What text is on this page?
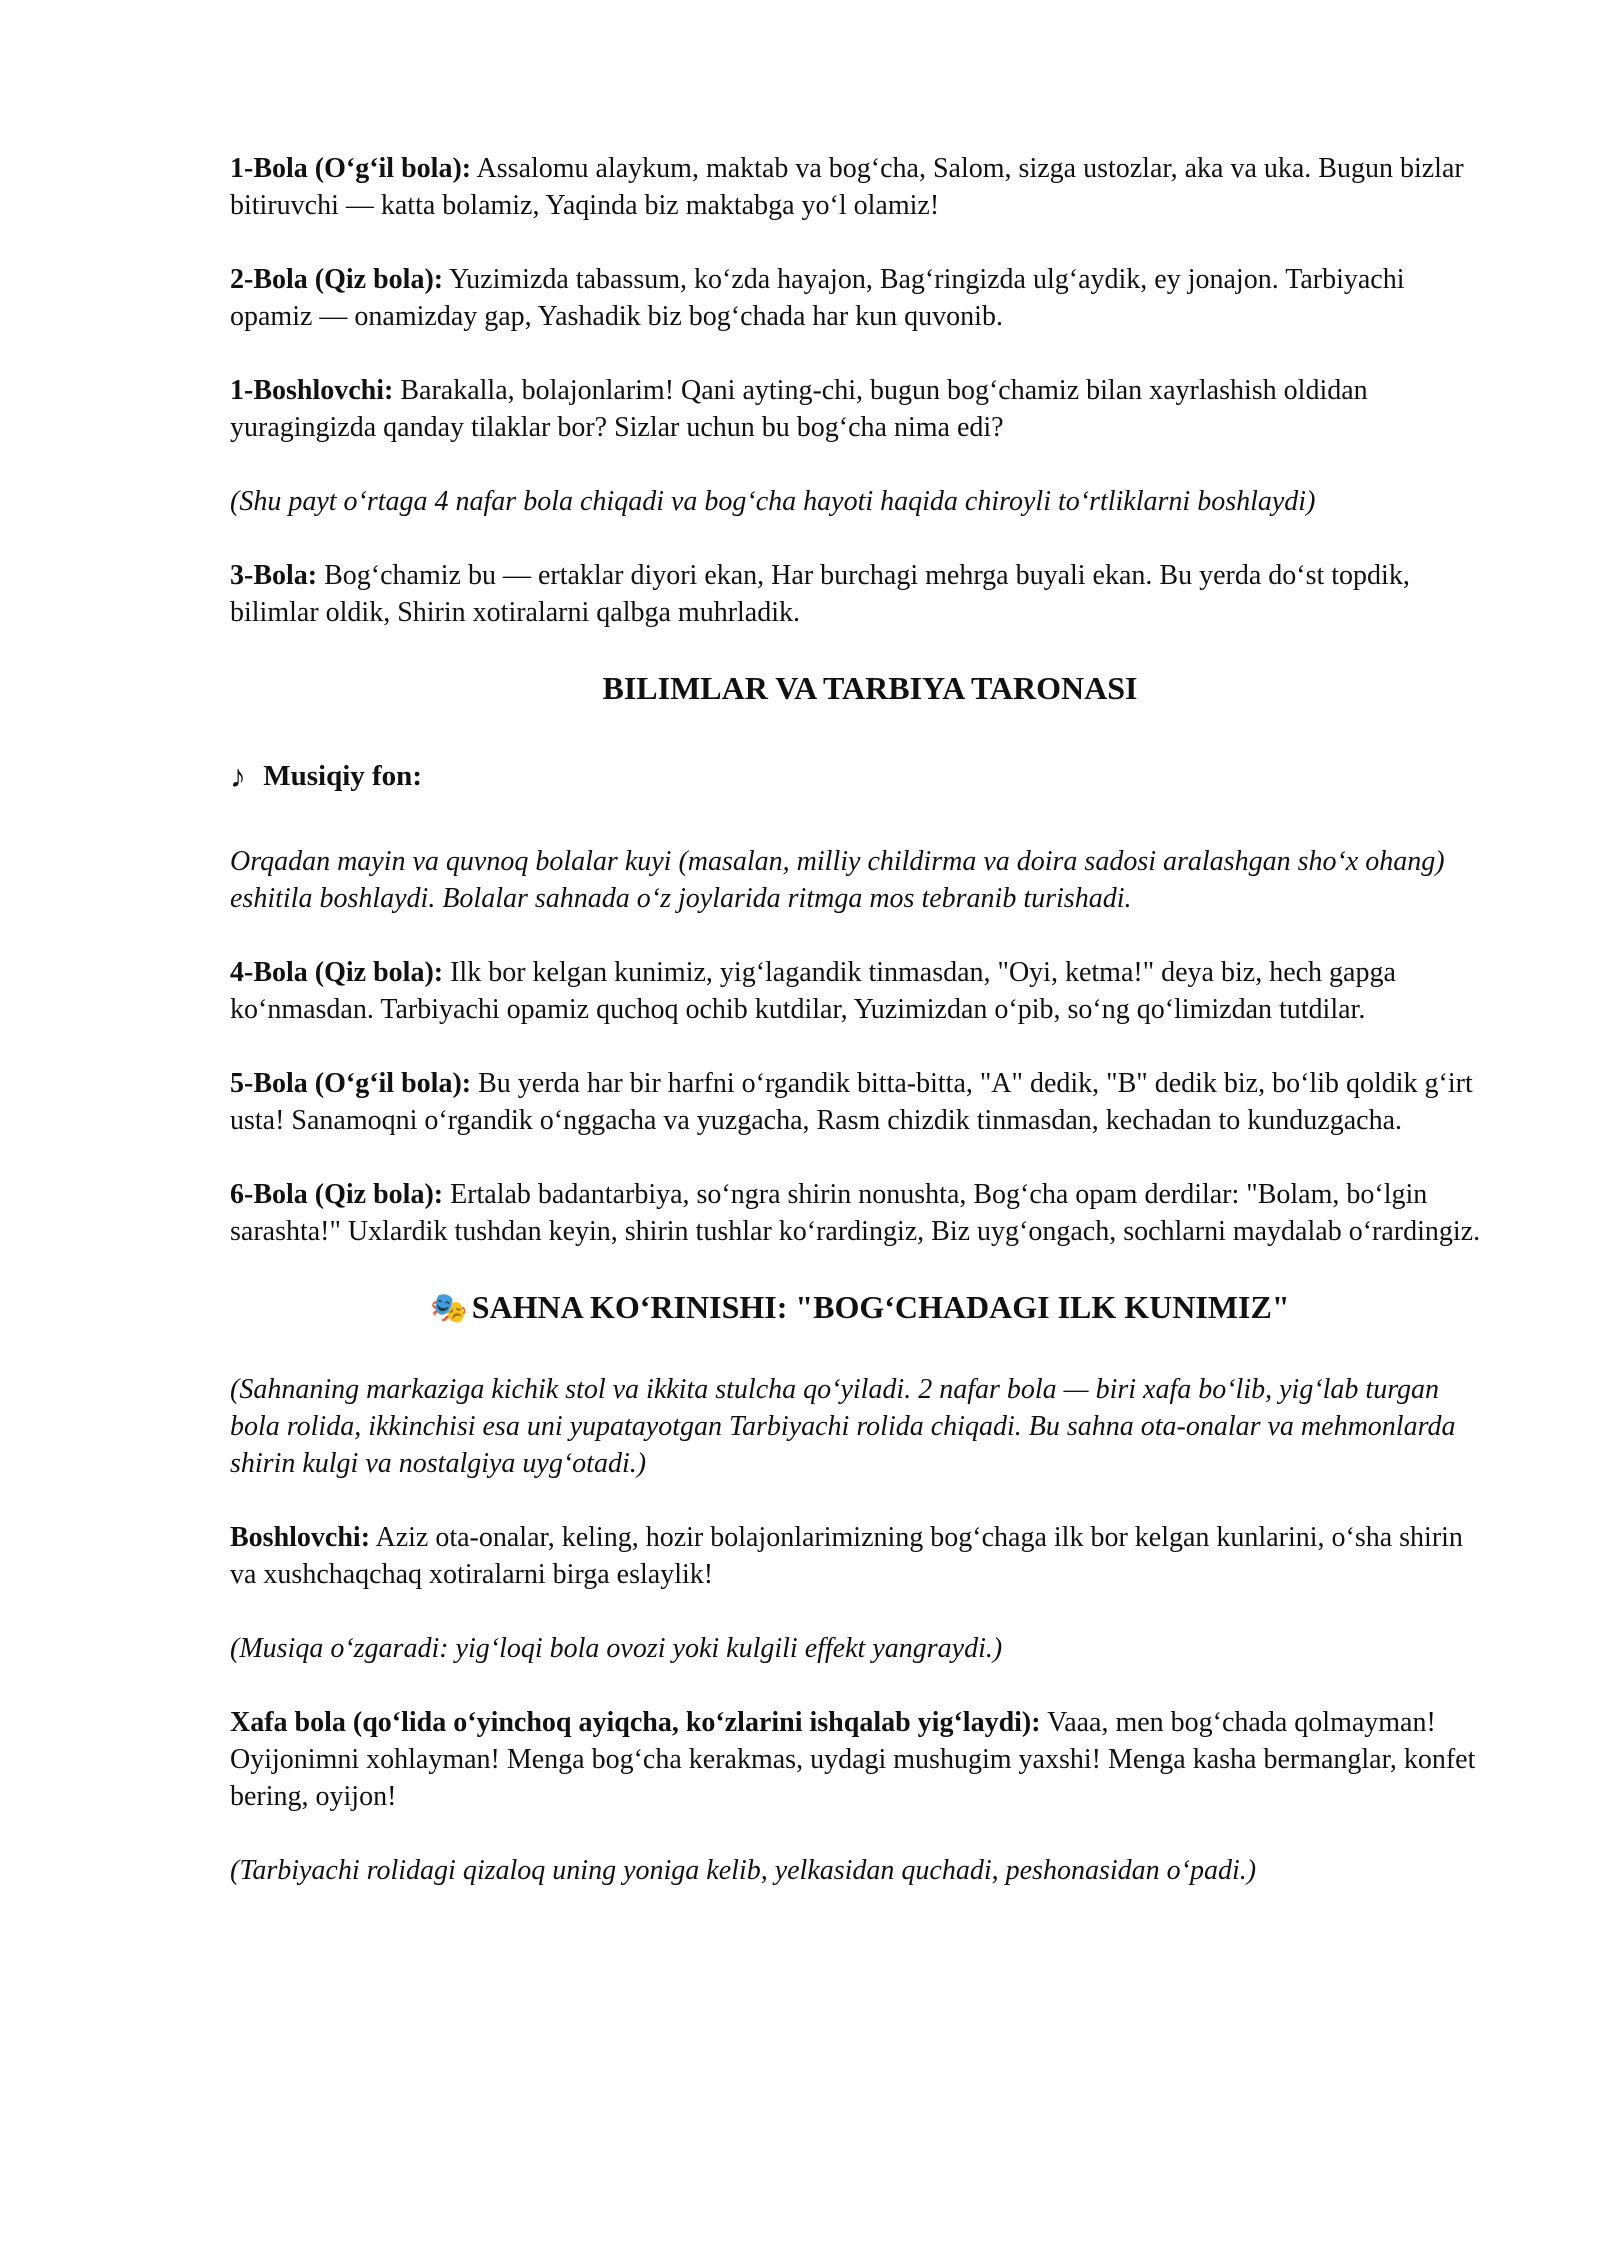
1-Bola (O‘g‘il bola): Assalomu alaykum, maktab va bog‘cha, Salom, sizga ustozlar, aka va uka. Bugun bizlar bitiruvchi — katta bolamiz, Yaqinda biz maktabga yo‘l olamiz!

2-Bola (Qiz bola): Yuzimizda tabassum, ko‘zda hayajon, Bag‘ringizda ulg‘aydik, ey jonajon. Tarbiyachi opamiz — onamizday gap, Yashadik biz bog‘chada har kun quvonib.

1-Boshlovchi: Barakalla, bolajonlarim! Qani ayting-chi, bugun bog‘chamiz bilan xayrlashish oldidan yuragingizda qanday tilaklar bor? Sizlar uchun bu bog‘cha nima edi?

(Shu payt o‘rtaga 4 nafar bola chiqadi va bog‘cha hayoti haqida chiroyli to‘rtliklarni boshlaydi)

3-Bola: Bog‘chamiz bu — ertaklar diyori ekan, Har burchagi mehrga buyali ekan. Bu yerda do‘st topdik, bilimlar oldik, Shirin xotiralarni qalbga muhrladik.

BILIMLAR VA TARBIYA TARONASI

♪ Musiqiy fon:

Orqadan mayin va quvnoq bolalar kuyi (masalan, milliy childirma va doira sadosi aralashgan sho‘x ohang) eshitila boshlaydi. Bolalar sahnada o‘z joylarida ritmga mos tebranib turishadi.

4-Bola (Qiz bola): Ilk bor kelgan kunimiz, yig‘lagandik tinmasdan, "Oyi, ketma!" deya biz, hech gapga ko‘nmasdan. Tarbiyachi opamiz quchoq ochib kutdilar, Yuzimizdan o‘pib, so‘ng qo‘limizdan tutdilar.

5-Bola (O‘g‘il bola): Bu yerda har bir harfni o‘rgandik bitta-bitta, "A" dedik, "B" dedik biz, bo‘lib qoldik g‘irt usta! Sanamoqni o‘rgandik o‘nggacha va yuzgacha, Rasm chizdik tinmasdan, kechadan to kunduzgacha.

6-Bola (Qiz bola): Ertalab badantarbiya, so‘ngra shirin nonushta, Bog‘cha opam derdilar: "Bolam, bo‘lgin sarashta!" Uxlardik tushdan keyin, shirin tushlar ko‘rardingiz, Biz uyg‘ongach, sochlarni maydalab o‘rardingiz.

🎭 SAHNA KO‘RINISHI: "BOG‘CHADAGI ILK KUNIMIZ"

(Sahnaning markaziga kichik stol va ikkita stulcha qo‘yiladi. 2 nafar bola — biri xafa bo‘lib, yig‘lab turgan bola rolida, ikkinchisi esa uni yupatayotgan Tarbiyachi rolida chiqadi. Bu sahna ota-onalar va mehmonlarda shirin kulgi va nostalgiya uyg‘otadi.)

Boshlovchi: Aziz ota-onalar, keling, hozir bolajonlarimizning bog‘chaga ilk bor kelgan kunlarini, o‘sha shirin va xushchaqchaq xotiralarni birga eslaylik!

(Musiqa o‘zgaradi: yig‘loqi bola ovozi yoki kulgili effekt yangraydi.)

Xafa bola (qo‘lida o‘yinchoq ayiqcha, ko‘zlarini ishqalab yig‘laydi): Vaaa, men bog‘chada qolmayman! Oyijonimni xohlayman! Menga bog‘cha kerakmas, uydagi mushugim yaxshi! Menga kasha bermanglar, konfet bering, oyijon!

(Tarbiyachi rolidagi qizaloq uning yoniga kelib, yelkasidan quchadi, peshonasidan o‘padi.)
